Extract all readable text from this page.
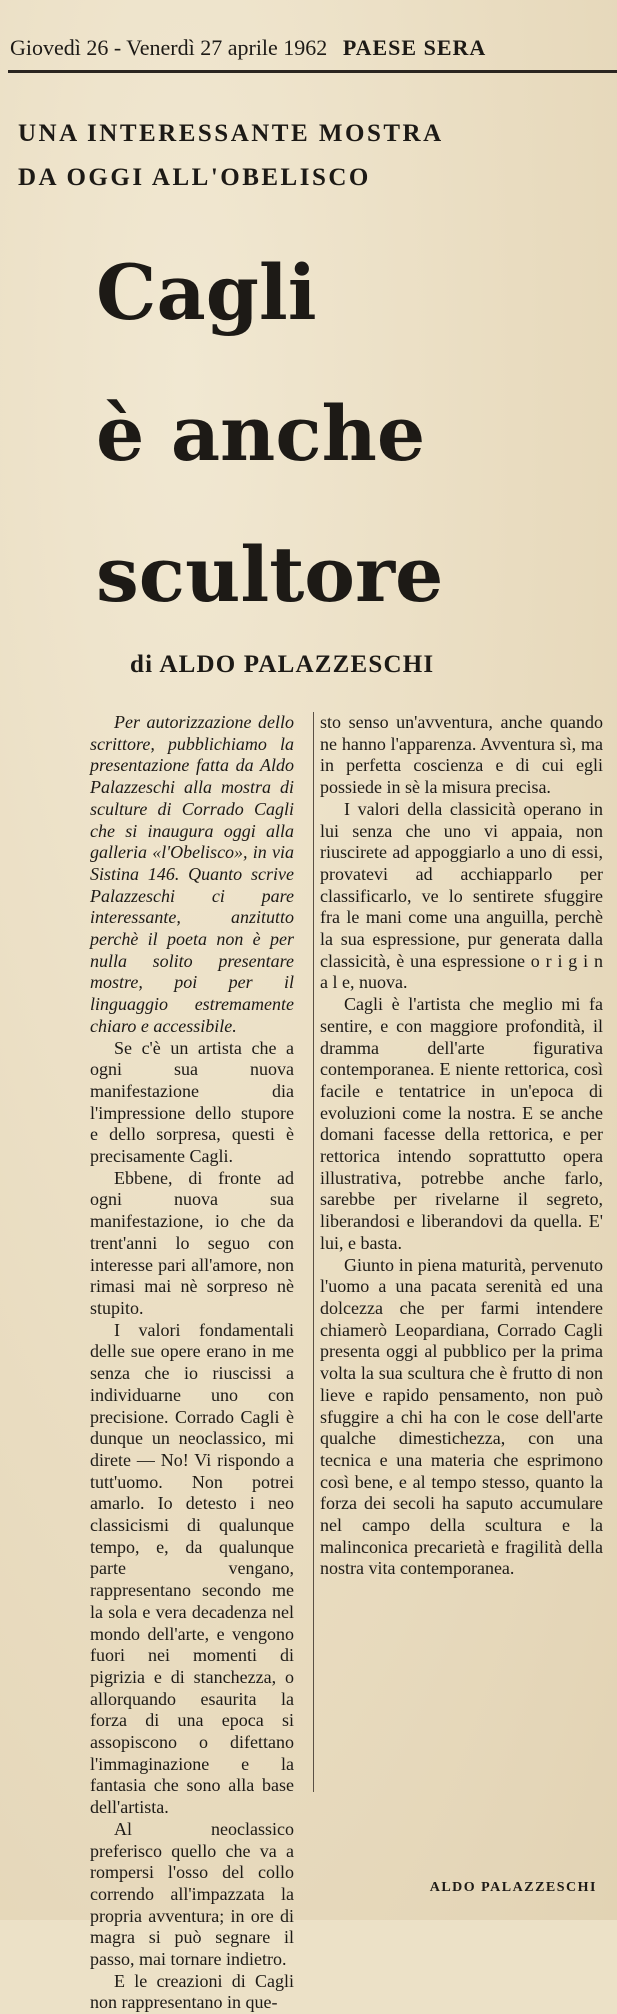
Giovedì 26 - Venerdì 27 aprile 1962 PAESE SERA
UNA INTERESSANTE MOSTRA
DA OGGI ALL'OBELISCO
Cagli
è anche
scultore
di ALDO PALAZZESCHI

Per autorizzazione dello scrittore, pubblichiamo la presentazione fatta da Aldo Palazzeschi alla mostra di sculture di Corrado Cagli che si inaugura oggi alla galleria «l'Obelisco», in via Sistina 146. Quanto scrive Palazzeschi ci pare interessante, anzitutto perchè il poeta non è per nulla solito presentare mostre, poi per il linguaggio estremamente chiaro e accessibile.

Se c'è un artista che a ogni sua nuova manifestazione dia l'impressione dello stupore e dello sorpresa, questi è precisamente Cagli.

Ebbene, di fronte ad ogni nuova sua manifestazione, io che da trent'anni lo seguo con interesse pari all'amore, non rimasi mai nè sorpreso nè stupito.

I valori fondamentali delle sue opere erano in me senza che io riuscissi a individuarne uno con precisione. Corrado Cagli è dunque un neoclassico, mi direte — No! Vi rispondo a tutt'uomo. Non potrei amarlo. Io detesto i neo classicismi di qualunque tempo, e, da qualunque parte vengano, rappresentano secondo me la sola e vera decadenza nel mondo dell'arte, e vengono fuori nei momenti di pigrizia e di stanchezza, o allorquando esaurita la forza di una epoca si assopiscono o difettano l'immaginazione e la fantasia che sono alla base dell'artista.

Al neoclassico preferisco quello che va a rompersi l'osso del collo correndo all'impazzata la propria avventura; in ore di magra si può segnare il passo, mai tornare indietro.

E le creazioni di Cagli non rappresentano in que-

sto senso un'avventura, anche quando ne hanno l'apparenza. Avventura sì, ma in perfetta coscienza e di cui egli possiede in sè la misura precisa.

I valori della classicità operano in lui senza che uno vi appaia, non riuscirete ad appoggiarlo a uno di essi, provatevi ad acchiapparlo per classificarlo, ve lo sentirete sfuggire fra le mani come una anguilla, perchè la sua espressione, pur generata dalla classicità, è una espressione o r i g i n a l e, nuova.

Cagli è l'artista che meglio mi fa sentire, e con maggiore profondità, il dramma dell'arte figurativa contemporanea. E niente rettorica, così facile e tentatrice in un'epoca di evoluzioni come la nostra. E se anche domani facesse della rettorica, e per rettorica intendo soprattutto opera illustrativa, potrebbe anche farlo, sarebbe per rivelarne il segreto, liberandosi e liberandovi da quella. E' lui, e basta.

Giunto in piena maturità, pervenuto l'uomo a una pacata serenità ed una dolcezza che per farmi intendere chiamerò Leopardiana, Corrado Cagli presenta oggi al pubblico per la prima volta la sua scultura che è frutto di non lieve e rapido pensamento, non può sfuggire a chi ha con le cose dell'arte qualche dimestichezza, con una tecnica e una materia che esprimono così bene, e al tempo stesso, quanto la forza dei secoli ha saputo accumulare nel campo della scultura e la malinconica precarietà e fragilità della nostra vita contemporanea.

ALDO PALAZZESCHI
